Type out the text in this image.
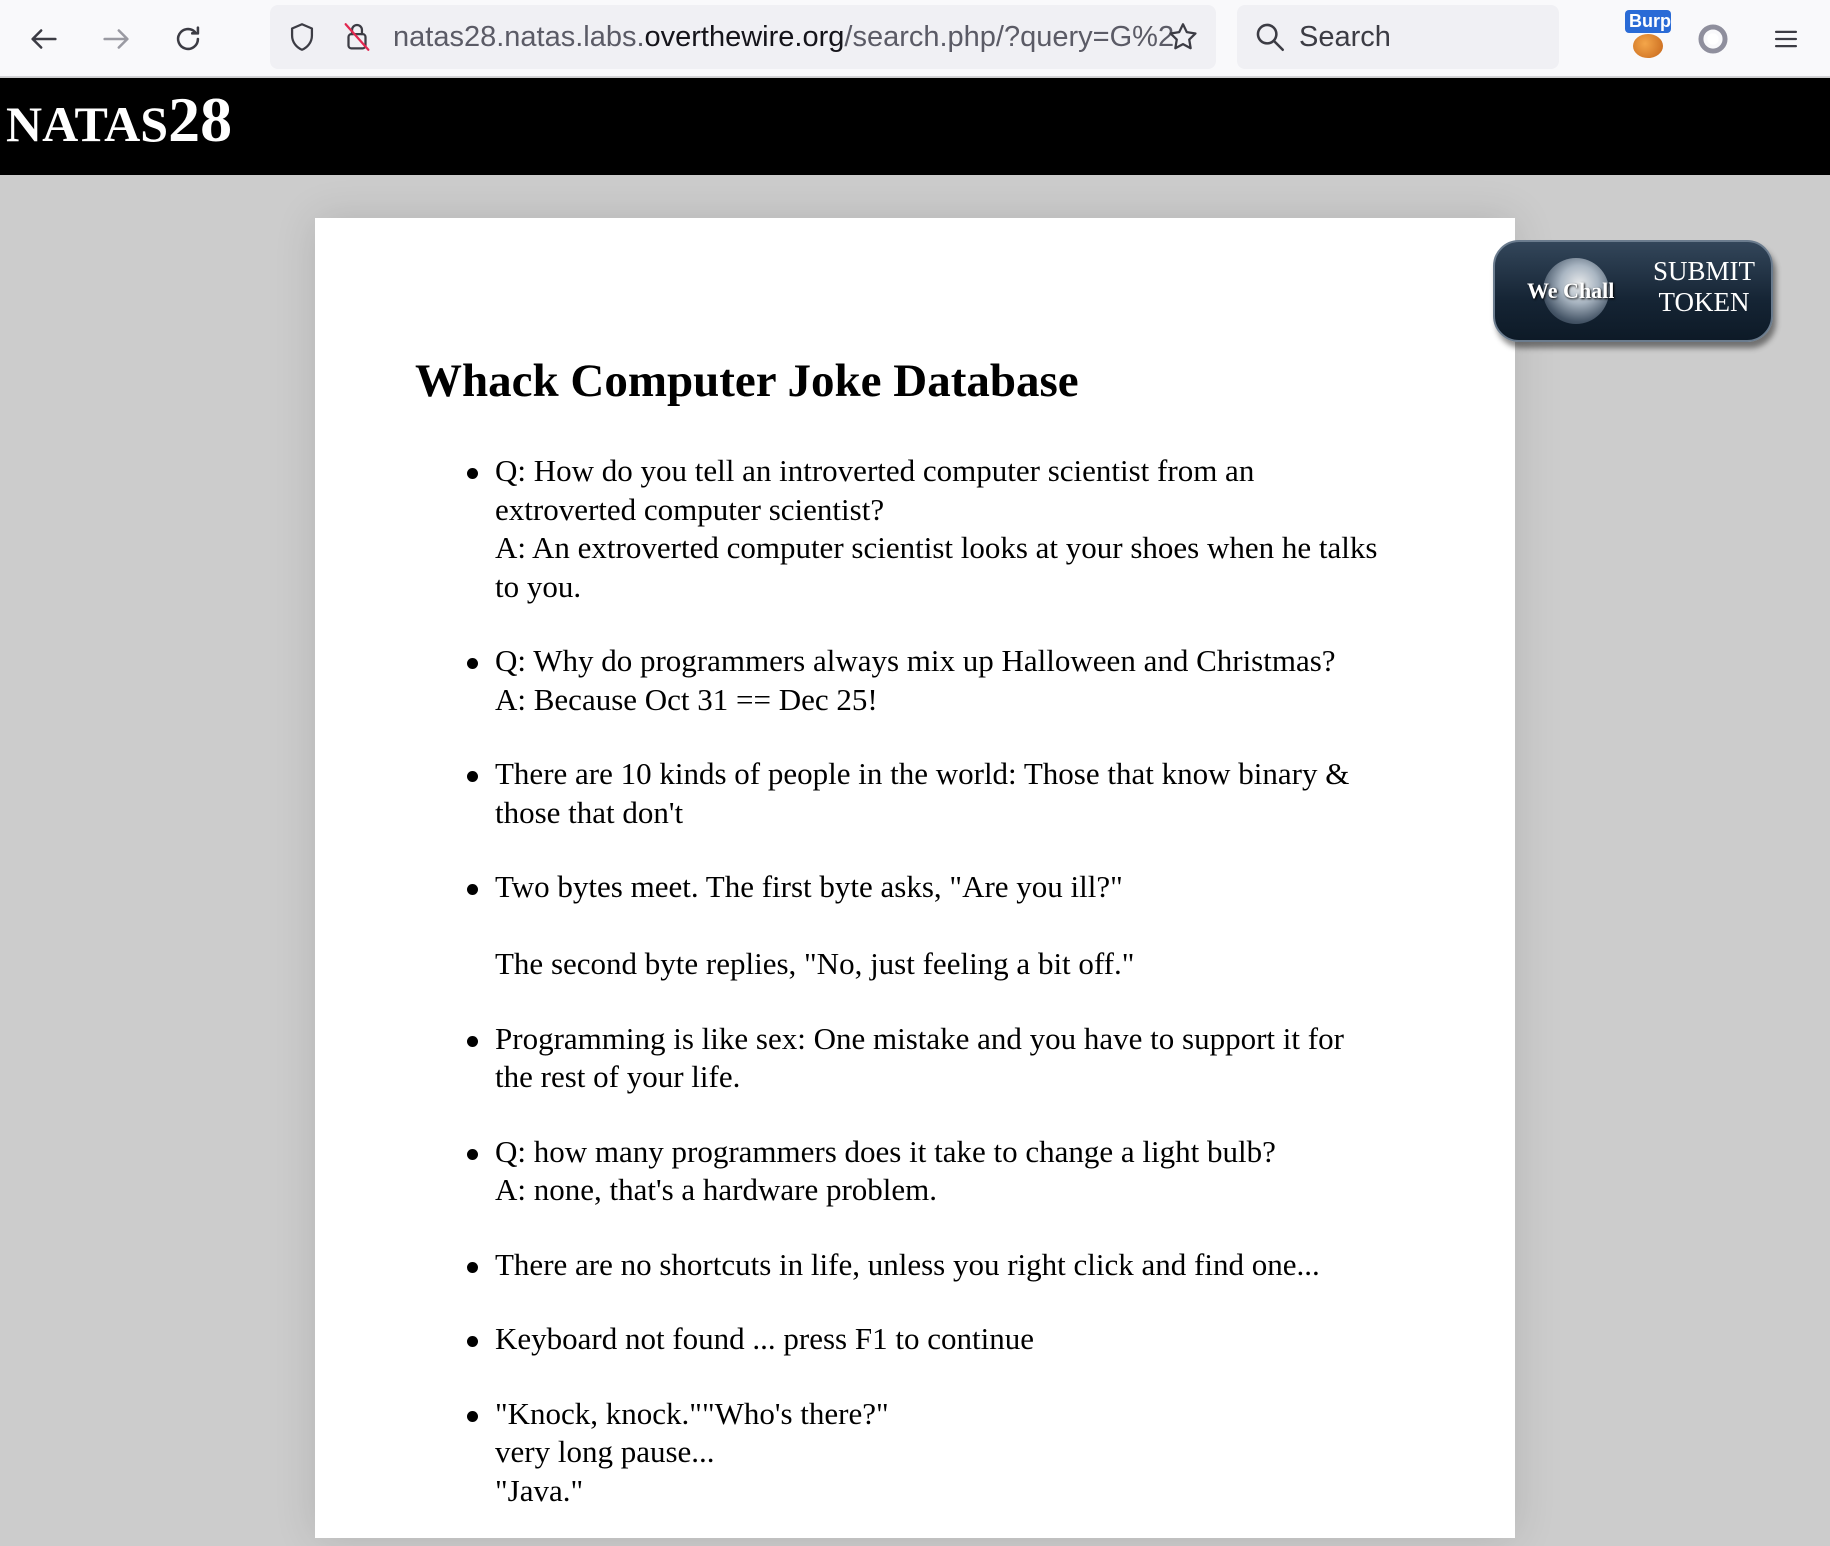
natas28.natas.labs.overthewire.org/search.php/?query=G%2	Search	Burp
NATAS28
Whack Computer Joke Database
Q: How do you tell an introverted computer scientist from an
extroverted computer scientist?
A: An extroverted computer scientist looks at your shoes when he talks
to you.
Q: Why do programmers always mix up Halloween and Christmas?
A: Because Oct 31 == Dec 25!
There are 10 kinds of people in the world: Those that know binary &
those that don't
Two bytes meet. The first byte asks, "Are you ill?"
The second byte replies, "No, just feeling a bit off."
Programming is like sex: One mistake and you have to support it for
the rest of your life.
Q: how many programmers does it take to change a light bulb?
A: none, that's a hardware problem.
There are no shortcuts in life, unless you right click and find one...
Keyboard not found ... press F1 to continue
"Knock, knock.""Who's there?"
very long pause...
"Java."
We Chall
SUBMIT
TOKEN
